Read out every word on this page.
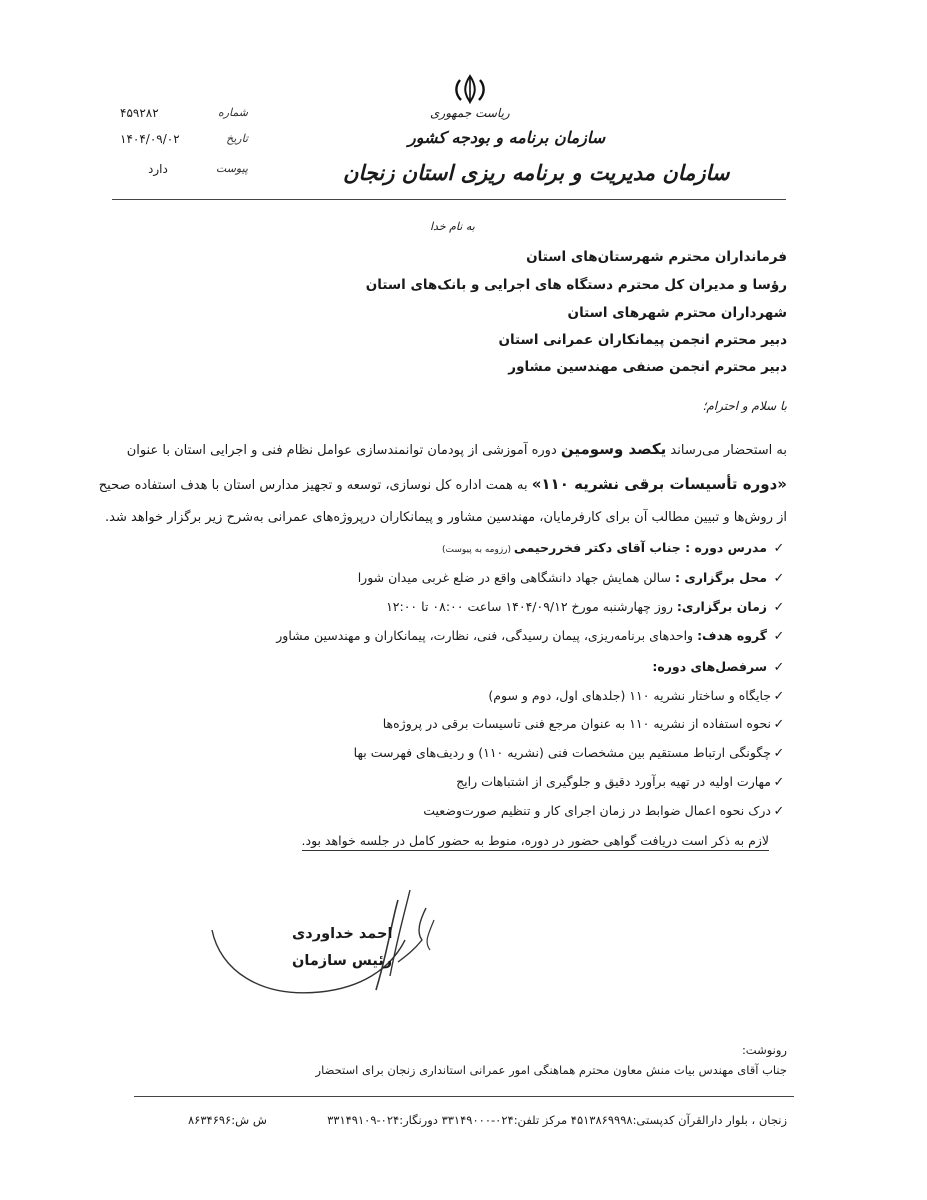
ریاست جمهوری
سازمان برنامه و بودجه کشور
سازمان مدیریت و برنامه ریزی استان زنجان
شماره
۴۵۹۲۸۲
تاریخ
۱۴۰۴/۰۹/۰۲
پیوست
دارد
به نام خدا
فرمانداران محترم شهرستان‌های استان
رؤسا و مدیران کل محترم دستگاه های اجرایی و بانک‌های استان
شهرداران محترم شهرهای استان
دبیر محترم انجمن پیمانکاران عمرانی استان
دبیر محترم انجمن صنفی مهندسین مشاور
با سلام و احترام؛
به استحضار می‌رساند یکصد وسومین دوره آموزشی از پودمان توانمندسازی عوامل نظام فنی و اجرایی استان با عنوان
«دوره تأسیسات برقی نشریه ۱۱۰» به همت اداره کل نوسازی، توسعه و تجهیز مدارس استان با هدف استفاده صحیح
از روش‌ها و تبیین مطالب آن برای کارفرمایان، مهندسین مشاور و پیمانکاران درپروژه‌های عمرانی به‌شرح زیر برگزار خواهد شد.
✓ مدرس دوره : جناب آقای دکتر فخررحیمی (رزومه به پیوست)
✓ محل برگزاری : سالن همایش جهاد دانشگاهی واقع در ضلع غربی میدان شورا
✓ زمان برگزاری: روز چهارشنبه مورخ ۱۴۰۴/۰۹/۱۲ ساعت ۰۸:۰۰ تا ۱۲:۰۰
✓ گروه هدف: واحدهای برنامه‌ریزی، پیمان رسیدگی، فنی، نظارت، پیمانکاران و مهندسین مشاور
✓ سرفصل‌های دوره:
✓جایگاه و ساختار نشریه ۱۱۰ (جلدهای اول، دوم و سوم)
✓نحوه استفاده از نشریه ۱۱۰ به عنوان مرجع فنی تاسیسات برقی در پروژه‌ها
✓چگونگی ارتباط مستقیم بین مشخصات فنی (نشریه ۱۱۰) و ردیف‌های فهرست بها
✓مهارت اولیه در تهیه برآورد دقیق و جلوگیری از اشتباهات رایج
✓درک نحوه اعمال ضوابط در زمان اجرای کار و تنظیم صورت‌وضعیت
لازم به ذکر است دریافت گواهی حضور در دوره، منوط به حضور کامل در جلسه خواهد بود.
احمد خداوردی
رئیس سازمان
رونوشت:
جناب آقای مهندس بیات منش معاون محترم هماهنگی امور عمرانی استانداری زنجان برای استحضار
زنجان ، بلوار دارالقرآن کدپستی:۴۵۱۳۸۶۹۹۹۸ مرکز تلفن:۰۲۴-۳۳۱۴۹۰۰۰ دورنگار:۰۲۴-۳۳۱۴۹۱۰۹
ش ش:۸۶۳۴۶۹۶
